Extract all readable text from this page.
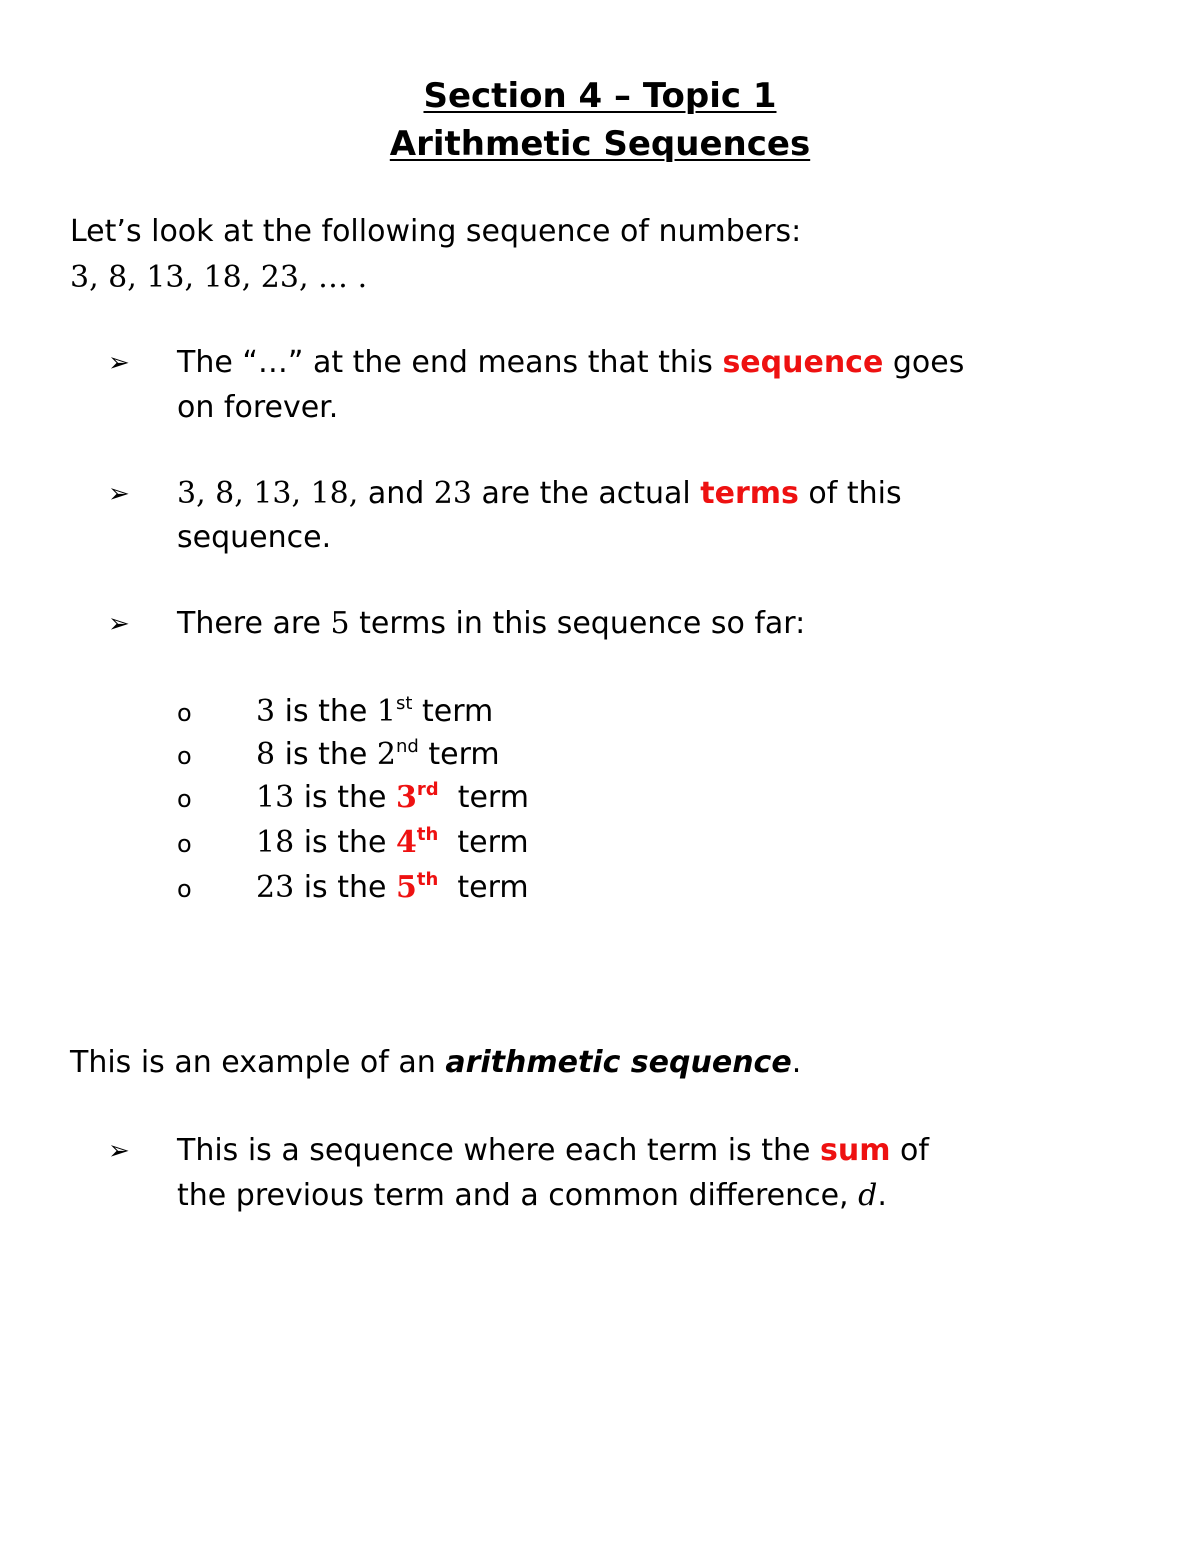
Section 4 – Topic 1
Arithmetic Sequences
Let’s look at the following sequence of numbers:
3, 8, 13, 18, 23, … .
➢ The “…” at the end means that this sequence goes
on forever.
➢ 3, 8, 13, 18, and 23 are the actual terms of this
sequence.
➢ There are 5 terms in this sequence so far:
o 3 is the 1st term
o 8 is the 2nd term
o 13 is the 3rd  term
o 18 is the 4th  term
o 23 is the 5th  term
This is an example of an arithmetic sequence.
➢ This is a sequence where each term is the sum of
the previous term and a common difference, d.
